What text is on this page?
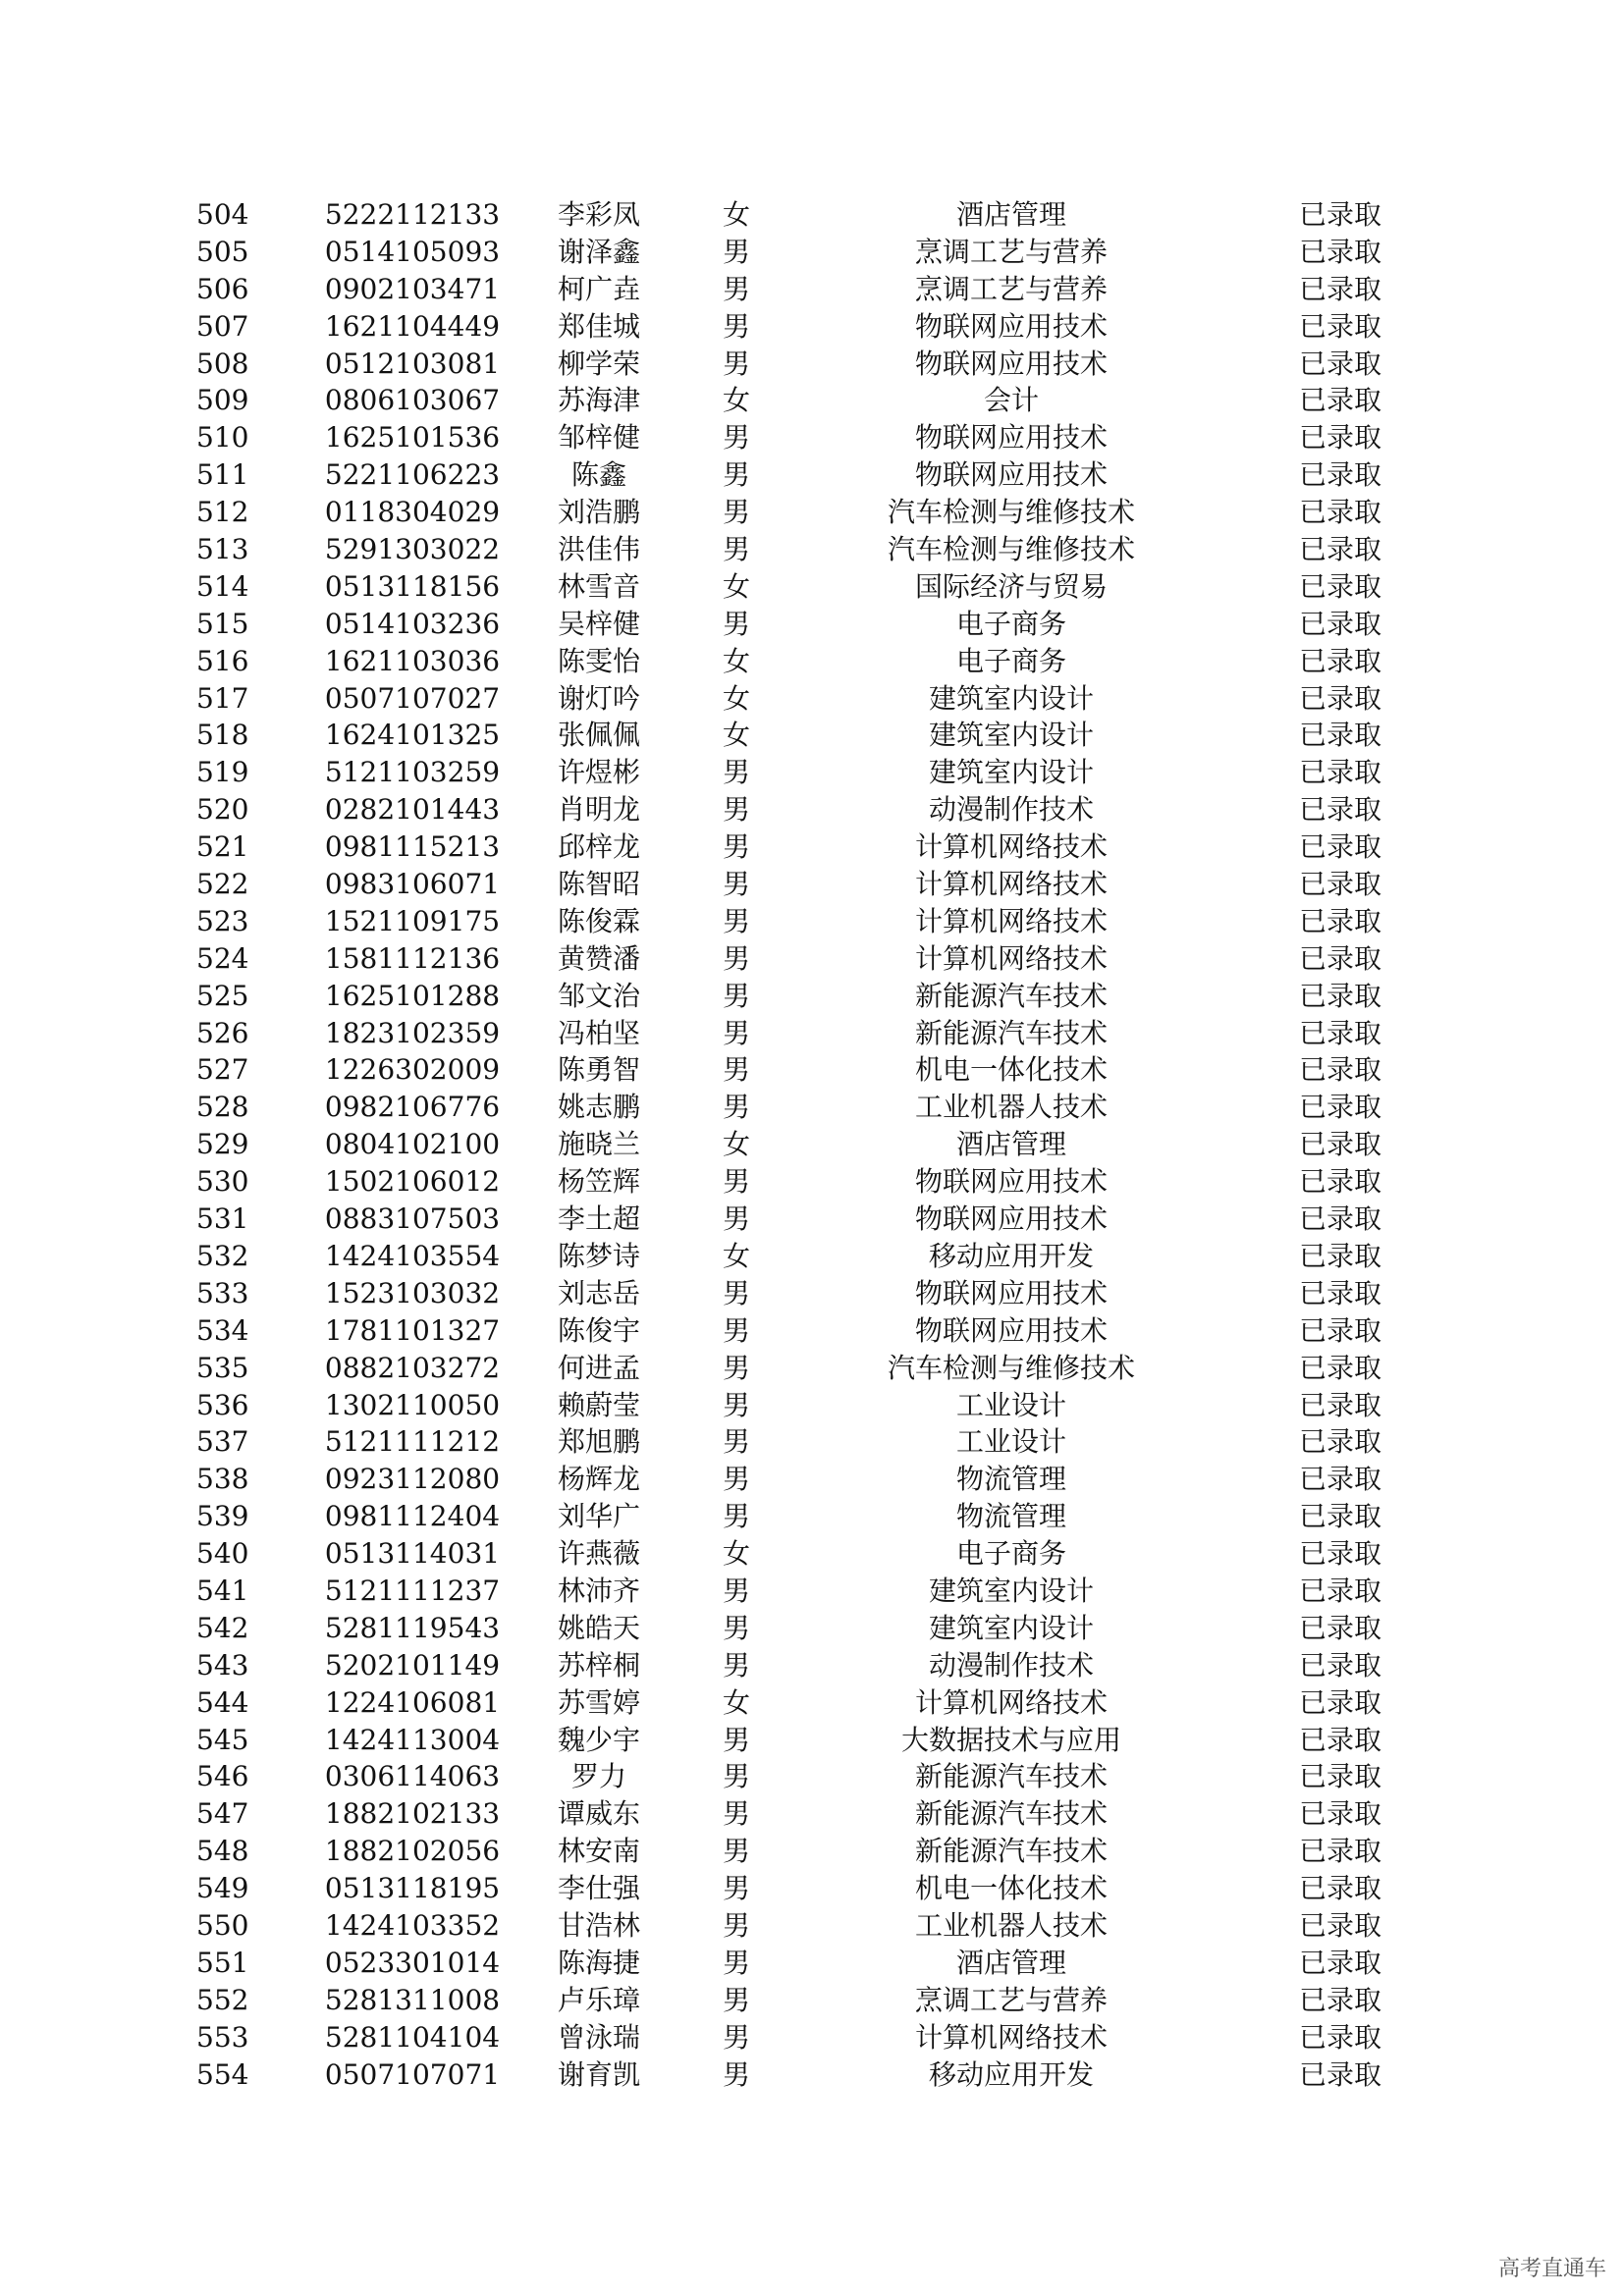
504	5222112133	李彩凤	女	酒店管理	已录取
505	0514105093	谢泽鑫	男	烹调工艺与营养	已录取
506	0902103471	柯广垚	男	烹调工艺与营养	已录取
507	1621104449	郑佳城	男	物联网应用技术	已录取
508	0512103081	柳学荣	男	物联网应用技术	已录取
509	0806103067	苏海津	女	会计	已录取
510	1625101536	邹梓健	男	物联网应用技术	已录取
511	5221106223	陈鑫	男	物联网应用技术	已录取
512	0118304029	刘浩鹏	男	汽车检测与维修技术	已录取
513	5291303022	洪佳伟	男	汽车检测与维修技术	已录取
514	0513118156	林雪音	女	国际经济与贸易	已录取
515	0514103236	吴梓健	男	电子商务	已录取
516	1621103036	陈雯怡	女	电子商务	已录取
517	0507107027	谢灯吟	女	建筑室内设计	已录取
518	1624101325	张佩佩	女	建筑室内设计	已录取
519	5121103259	许煜彬	男	建筑室内设计	已录取
520	0282101443	肖明龙	男	动漫制作技术	已录取
521	0981115213	邱梓龙	男	计算机网络技术	已录取
522	0983106071	陈智昭	男	计算机网络技术	已录取
523	1521109175	陈俊霖	男	计算机网络技术	已录取
524	1581112136	黄赞潘	男	计算机网络技术	已录取
525	1625101288	邹文治	男	新能源汽车技术	已录取
526	1823102359	冯柏坚	男	新能源汽车技术	已录取
527	1226302009	陈勇智	男	机电一体化技术	已录取
528	0982106776	姚志鹏	男	工业机器人技术	已录取
529	0804102100	施晓兰	女	酒店管理	已录取
530	1502106012	杨笠辉	男	物联网应用技术	已录取
531	0883107503	李土超	男	物联网应用技术	已录取
532	1424103554	陈梦诗	女	移动应用开发	已录取
533	1523103032	刘志岳	男	物联网应用技术	已录取
534	1781101327	陈俊宇	男	物联网应用技术	已录取
535	0882103272	何进孟	男	汽车检测与维修技术	已录取
536	1302110050	赖蔚莹	男	工业设计	已录取
537	5121111212	郑旭鹏	男	工业设计	已录取
538	0923112080	杨辉龙	男	物流管理	已录取
539	0981112404	刘华广	男	物流管理	已录取
540	0513114031	许燕薇	女	电子商务	已录取
541	5121111237	林沛齐	男	建筑室内设计	已录取
542	5281119543	姚皓天	男	建筑室内设计	已录取
543	5202101149	苏梓桐	男	动漫制作技术	已录取
544	1224106081	苏雪婷	女	计算机网络技术	已录取
545	1424113004	魏少宇	男	大数据技术与应用	已录取
546	0306114063	罗力	男	新能源汽车技术	已录取
547	1882102133	谭威东	男	新能源汽车技术	已录取
548	1882102056	林安南	男	新能源汽车技术	已录取
549	0513118195	李仕强	男	机电一体化技术	已录取
550	1424103352	甘浩林	男	工业机器人技术	已录取
551	0523301014	陈海捷	男	酒店管理	已录取
552	5281311008	卢乐璋	男	烹调工艺与营养	已录取
553	5281104104	曾泳瑞	男	计算机网络技术	已录取
554	0507107071	谢育凯	男	移动应用开发	已录取
高考直通车
